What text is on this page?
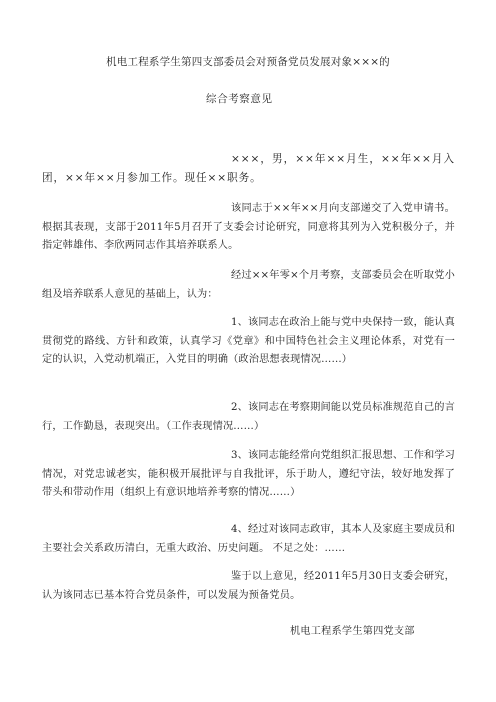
机电工程系学生第四支部委员会对预备党员发展对象×××的
综合考察意见

×××，男，××年××月生，××年××月入团，××年××月参加工作。现任××职务。

该同志于××年××月向支部递交了入党申请书。根据其表现，支部于2011年5月召开了支委会讨论研究，同意将其列为入党积极分子，并指定韩雄伟、李欣两同志作其培养联系人。

经过××年零×个月考察，支部委员会在听取党小组及培养联系人意见的基础上，认为：

1、该同志在政治上能与党中央保持一致，能认真贯彻党的路线、方针和政策，认真学习《党章》和中国特色社会主义理论体系，对党有一定的认识，入党动机端正，入党目的明确（政治思想表现情况……）

2、该同志在考察期间能以党员标准规范自己的言行，工作勤恳，表现突出。（工作表现情况……）

3、该同志能经常向党组织汇报思想、工作和学习情况，对党忠诚老实，能积极开展批评与自我批评，乐于助人，遵纪守法，较好地发挥了带头和带动作用（组织上有意识地培养考察的情况……）

4、经过对该同志政审，其本人及家庭主要成员和主要社会关系政历清白，无重大政治、历史问题。 不足之处：……

鉴于以上意见，经2011年5月30日支委会研究，认为该同志已基本符合党员条件，可以发展为预备党员。

机电工程系学生第四党支部
